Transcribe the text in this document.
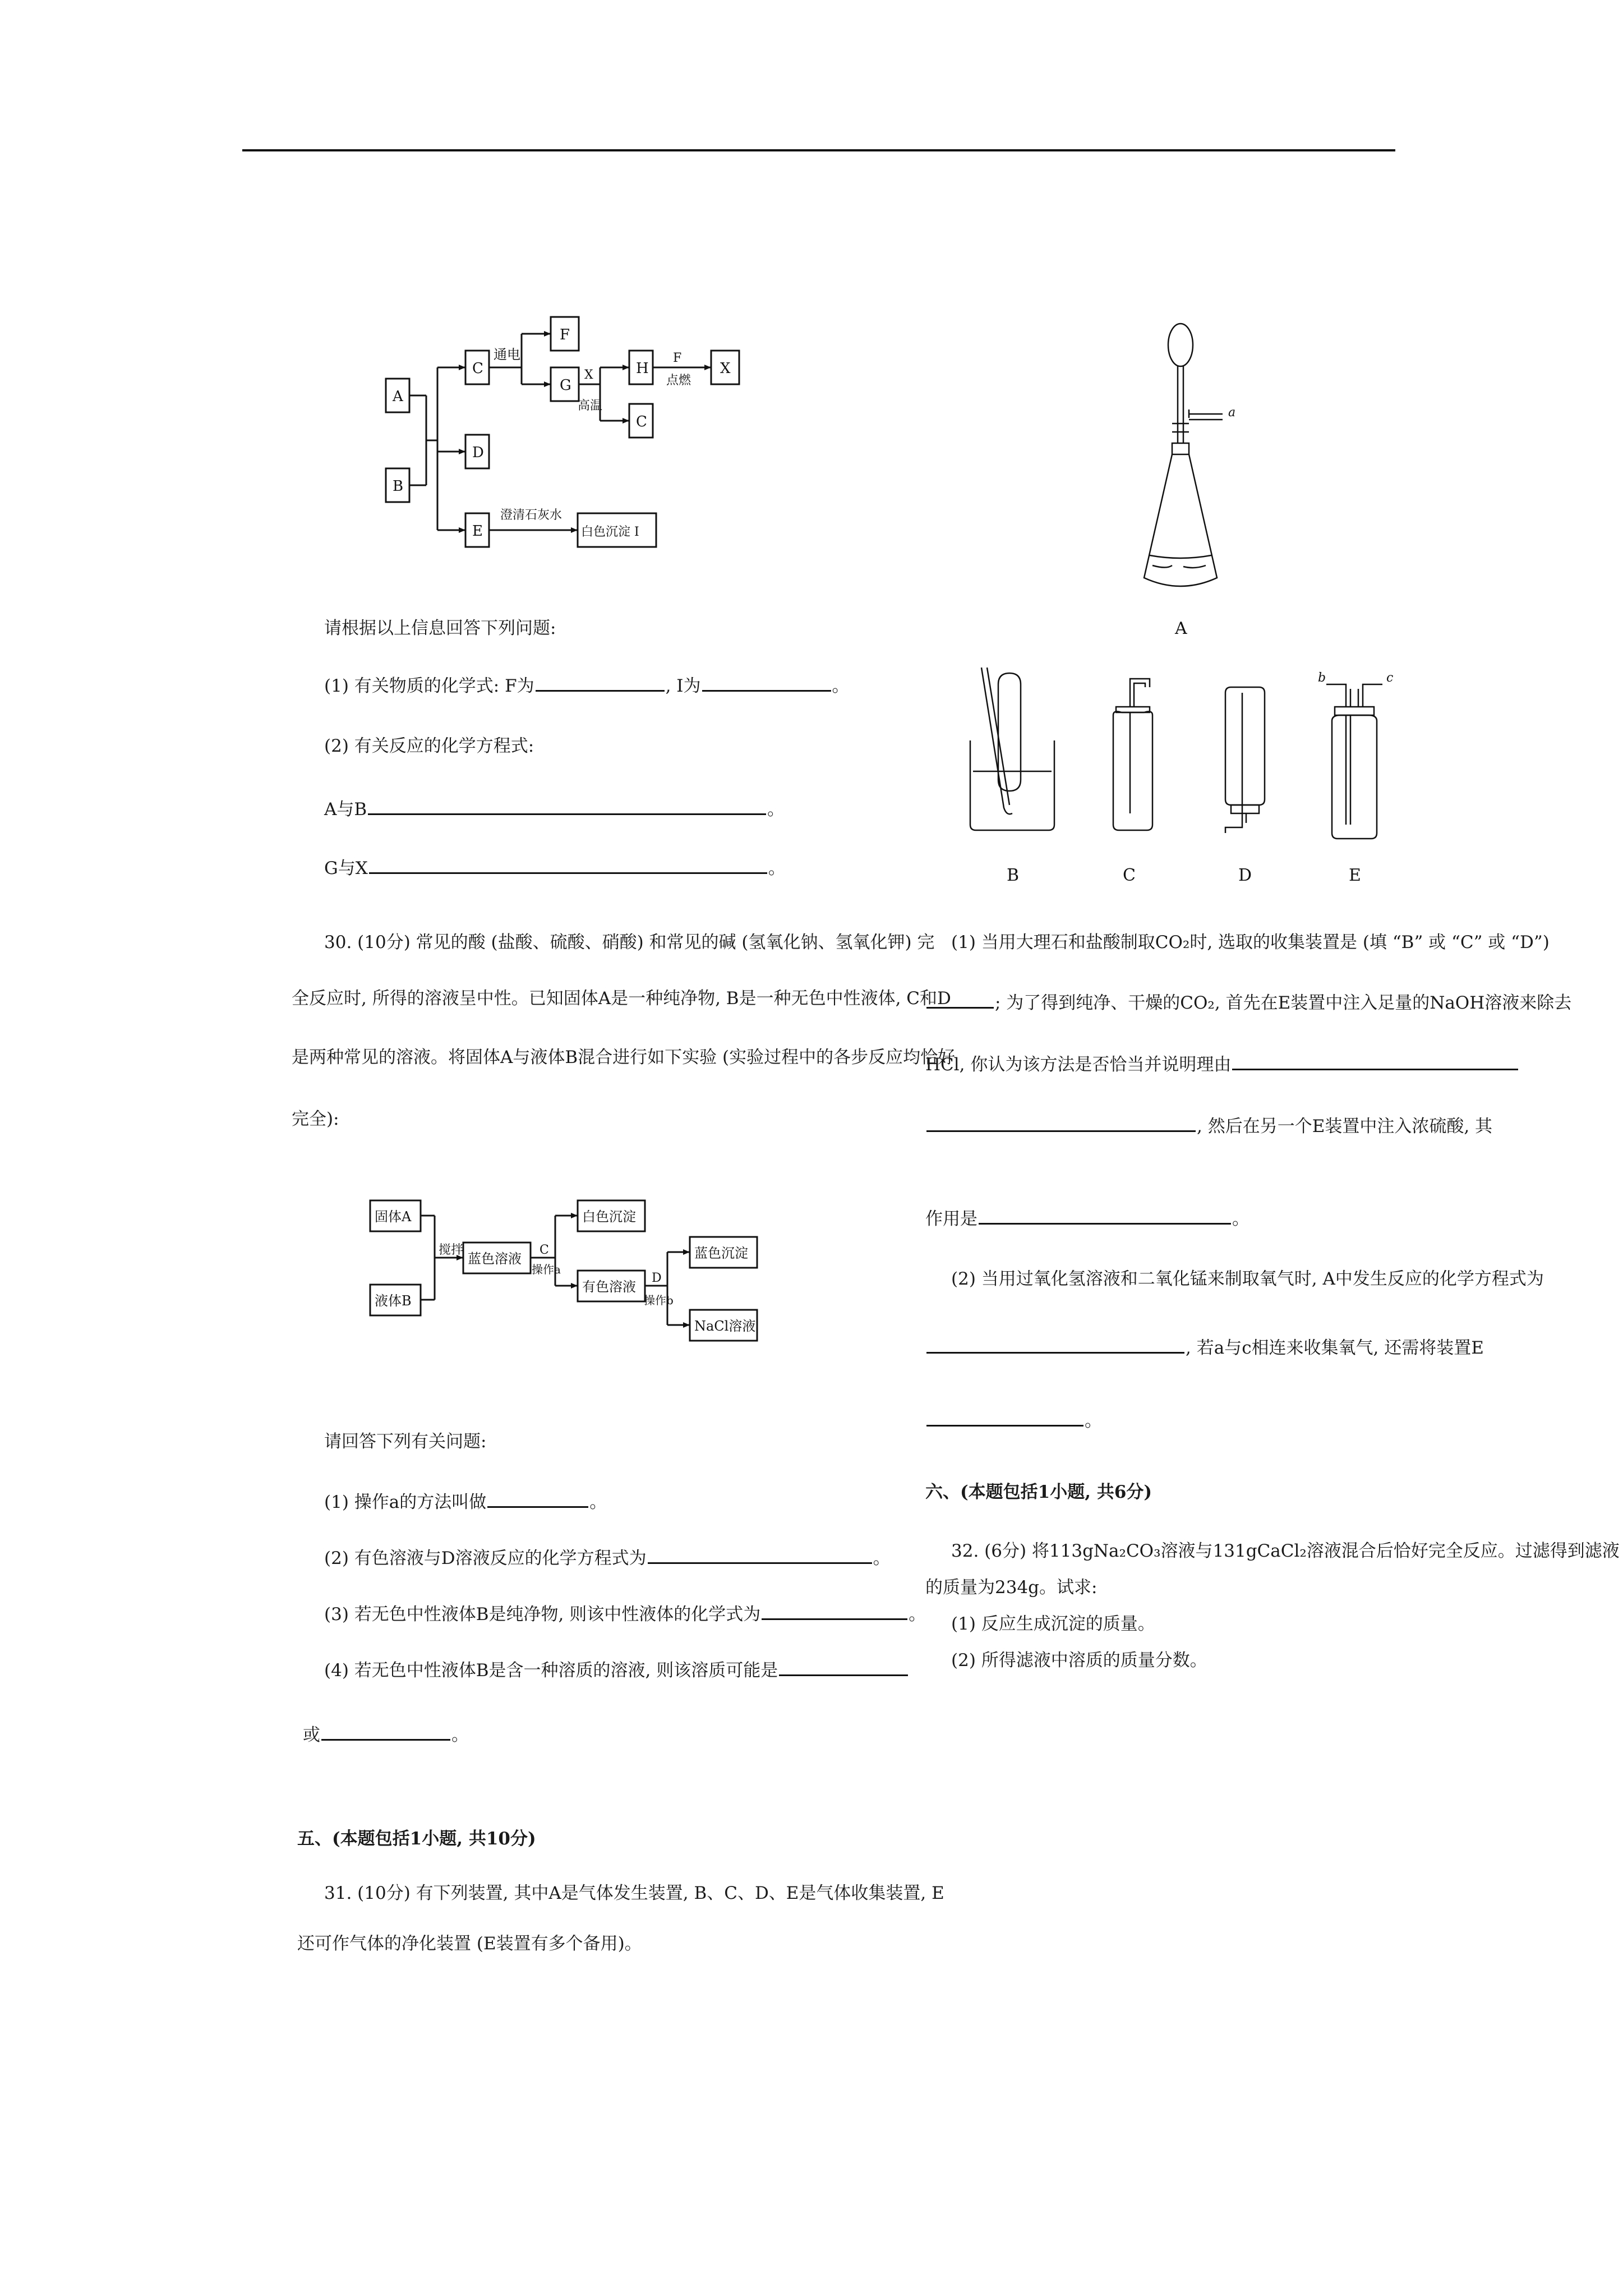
A
B
C
D
E
F
G
H
C
X
通电
X
高温
F
点燃
澄清石灰水
白色沉淀 I
请根据以上信息回答下列问题:
(1) 有关物质的化学式: F为	, I为	。
(2) 有关反应的化学方程式:
A与B	。
G与X	。
30. (10分) 常见的酸 (盐酸、硫酸、硝酸) 和常见的碱 (氢氧化钠、氢氧化钾) 完
全反应时, 所得的溶液呈中性。已知固体A是一种纯净物, B是一种无色中性液体, C和D
是两种常见的溶液。将固体A与液体B混合进行如下实验 (实验过程中的各步反应均恰好
完全):
固体A
液体B
搅拌
蓝色溶液
C
操作a
白色沉淀
有色溶液
D
操作b
蓝色沉淀
NaCl溶液
请回答下列有关问题:
(1) 操作a的方法叫做	。
(2) 有色溶液与D溶液反应的化学方程式为	。
(3) 若无色中性液体B是纯净物, 则该中性液体的化学式为	。
(4) 若无色中性液体B是含一种溶质的溶液, 则该溶质可能是
或	。
五、(本题包括1小题, 共10分)
31. (10分) 有下列装置, 其中A是气体发生装置, B、C、D、E是气体收集装置, E
还可作气体的净化装置 (E装置有多个备用)。
a
A
B	C	D
b	c
E
(1) 当用大理石和盐酸制取CO₂时, 选取的收集装置是 (填 “B” 或 “C” 或 “D”)
; 为了得到纯净、干燥的CO₂, 首先在E装置中注入足量的NaOH溶液来除去
HCl, 你认为该方法是否恰当并说明理由
, 然后在另一个E装置中注入浓硫酸, 其
作用是	。
(2) 当用过氧化氢溶液和二氧化锰来制取氧气时, A中发生反应的化学方程式为
, 若a与c相连来收集氧气, 还需将装置E
。
六、(本题包括1小题, 共6分)
32. (6分) 将113gNa₂CO₃溶液与131gCaCl₂溶液混合后恰好完全反应。过滤得到滤液
的质量为234g。试求:
(1) 反应生成沉淀的质量。
(2) 所得滤液中溶质的质量分数。
